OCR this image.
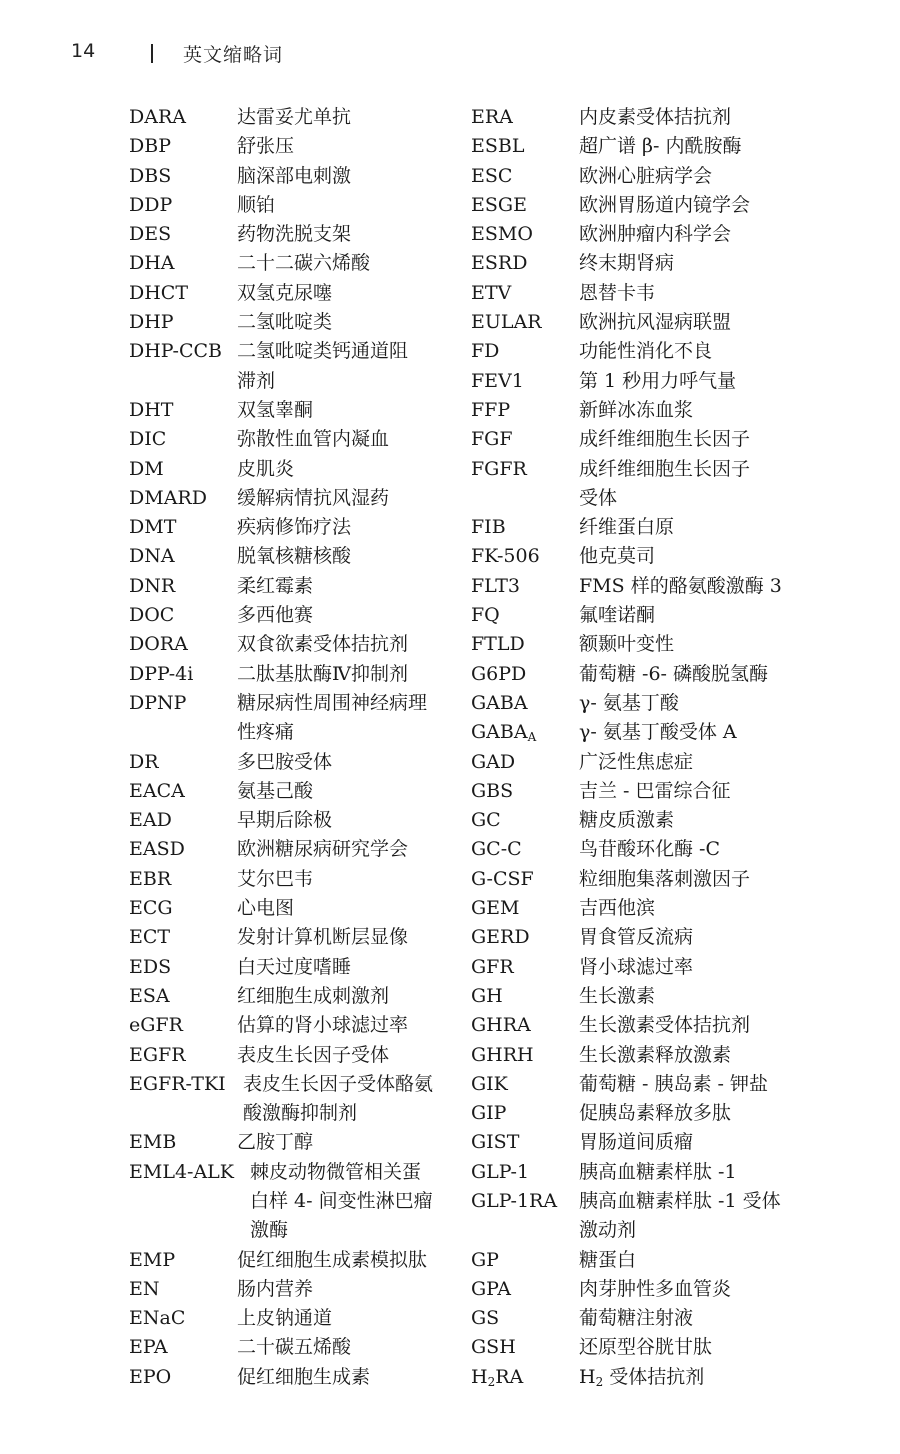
14	英文缩略词
DARA	达雷妥尤单抗
DBP	舒张压
DBS	脑深部电刺激
DDP	顺铂
DES	药物洗脱支架
DHA	二十二碳六烯酸
DHCT	双氢克尿噻
DHP	二氢吡啶类
DHP-CCB 二氢吡啶类钙通道阻
滞剂
DHT	双氢睾酮
DIC	弥散性血管内凝血
DM	皮肌炎
DMARD 缓解病情抗风湿药
DMT	疾病修饰疗法
DNA	脱氧核糖核酸
DNR	柔红霉素
DOC	多西他赛
DORA	双食欲素受体拮抗剂
DPP-4i 二肽基肽酶Ⅳ抑制剂
DPNP	糖尿病性周围神经病理
性疼痛
DR	多巴胺受体
EACA	氨基己酸
EAD	早期后除极
EASD	欧洲糖尿病研究学会
EBR	艾尔巴韦
ECG	心电图
ECT	发射计算机断层显像
EDS	白天过度嗜睡
ESA	红细胞生成刺激剂
eGFR	估算的肾小球滤过率
EGFR	表皮生长因子受体
EGFR-TKI 表皮生长因子受体酪氨
酸激酶抑制剂
EMB	乙胺丁醇
EML4-ALK 棘皮动物微管相关蛋
白样 4- 间变性淋巴瘤
激酶
EMP	促红细胞生成素模拟肽
EN	肠内营养
ENaC	上皮钠通道
EPA	二十碳五烯酸
EPO	促红细胞生成素
ERA	内皮素受体拮抗剂
ESBL	超广谱 β- 内酰胺酶
ESC	欧洲心脏病学会
ESGE	欧洲胃肠道内镜学会
ESMO 欧洲肿瘤内科学会
ESRD	终末期肾病
ETV	恩替卡韦
EULAR 欧洲抗风湿病联盟
FD	功能性消化不良
FEV1	第 1 秒用力呼气量
FFP	新鲜冰冻血浆
FGF	成纤维细胞生长因子
FGFR	成纤维细胞生长因子
受体
FIB	纤维蛋白原
FK-506 他克莫司
FLT3	FMS 样的酪氨酸激酶 3
FQ	氟喹诺酮
FTLD	额颞叶变性
G6PD	葡萄糖 -6- 磷酸脱氢酶
GABA	γ- 氨基丁酸
$GABA_A$ γ- 氨基丁酸受体 A
GAD	广泛性焦虑症
GBS	吉兰 - 巴雷综合征
GC	糖皮质激素
GC-C	鸟苷酸环化酶 -C
G-CSF 粒细胞集落刺激因子
GEM	吉西他滨
GERD	胃食管反流病
GFR	肾小球滤过率
GH	生长激素
GHRA	生长激素受体拮抗剂
GHRH 生长激素释放激素
GIK	葡萄糖 - 胰岛素 - 钾盐
GIP	促胰岛素释放多肽
GIST	胃肠道间质瘤
GLP-1	胰高血糖素样肽 -1
GLP-1RA 胰高血糖素样肽 -1 受体
激动剂
GP	糖蛋白
GPA	肉芽肿性多血管炎
GS	葡萄糖注射液
GSH	还原型谷胱甘肽
$H_2RA$	$H_2$ 受体拮抗剂
